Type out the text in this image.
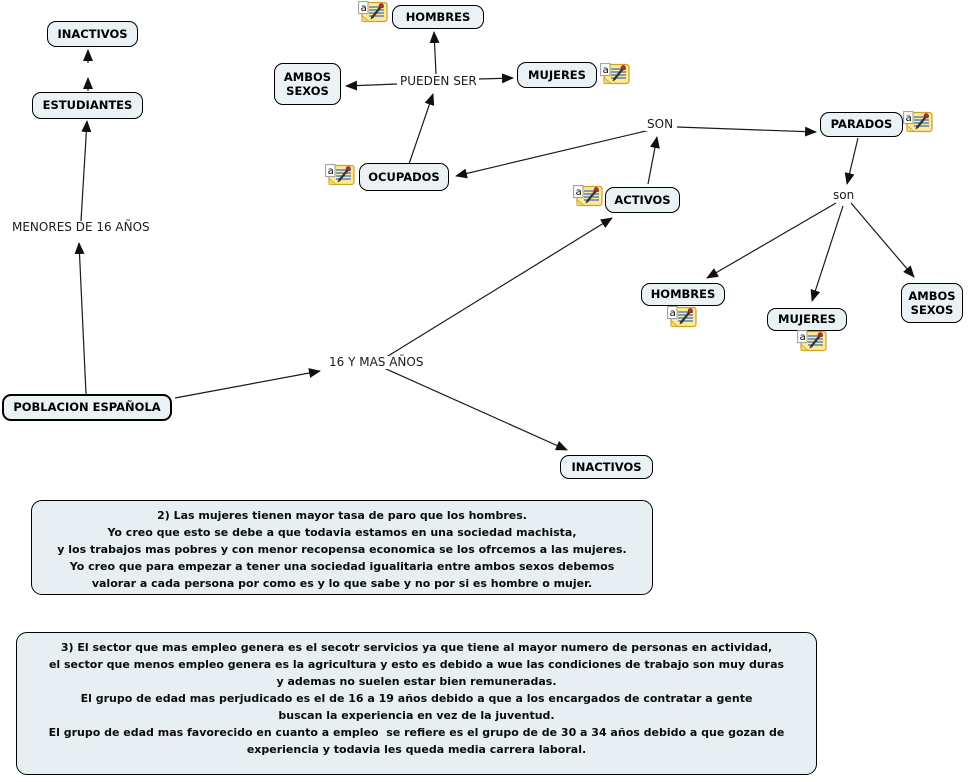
INACTIVOS
ESTUDIANTES
POBLACION ESPAÑOLA
AMBOS SEXOS
HOMBRES
MUJERES
OCUPADOS
ACTIVOS
PARADOS
HOMBRES
MUJERES
AMBOS SEXOS
INACTIVOS
MENORES DE 16 AÑOS
16 Y MAS AÑOS
PUEDEN SER
SON
son
a
a
a
a
a
a
a
2) Las mujeres tienen mayor tasa de paro que los hombres.
Yo creo que esto se debe a que todavia estamos en una sociedad machista,
y los trabajos mas pobres y con menor recopensa economica se los ofrcemos a las mujeres.
Yo creo que para empezar a tener una sociedad igualitaria entre ambos sexos debemos
valorar a cada persona por como es y lo que sabe y no por si es hombre o mujer.
3) El sector que mas empleo genera es el secotr servicios ya que tiene al mayor numero de personas en actividad,
el sector que menos empleo genera es la agricultura y esto es debido a wue las condiciones de trabajo son muy duras
y ademas no suelen estar bien remuneradas.
El grupo de edad mas perjudicado es el de 16 a 19 años debido a que a los encargados de contratar a gente
buscan la experiencia en vez de la juventud.
El grupo de edad mas favorecido en cuanto a empleo  se refiere es el grupo de de 30 a 34 años debido a que gozan de
experiencia y todavia les queda media carrera laboral.
